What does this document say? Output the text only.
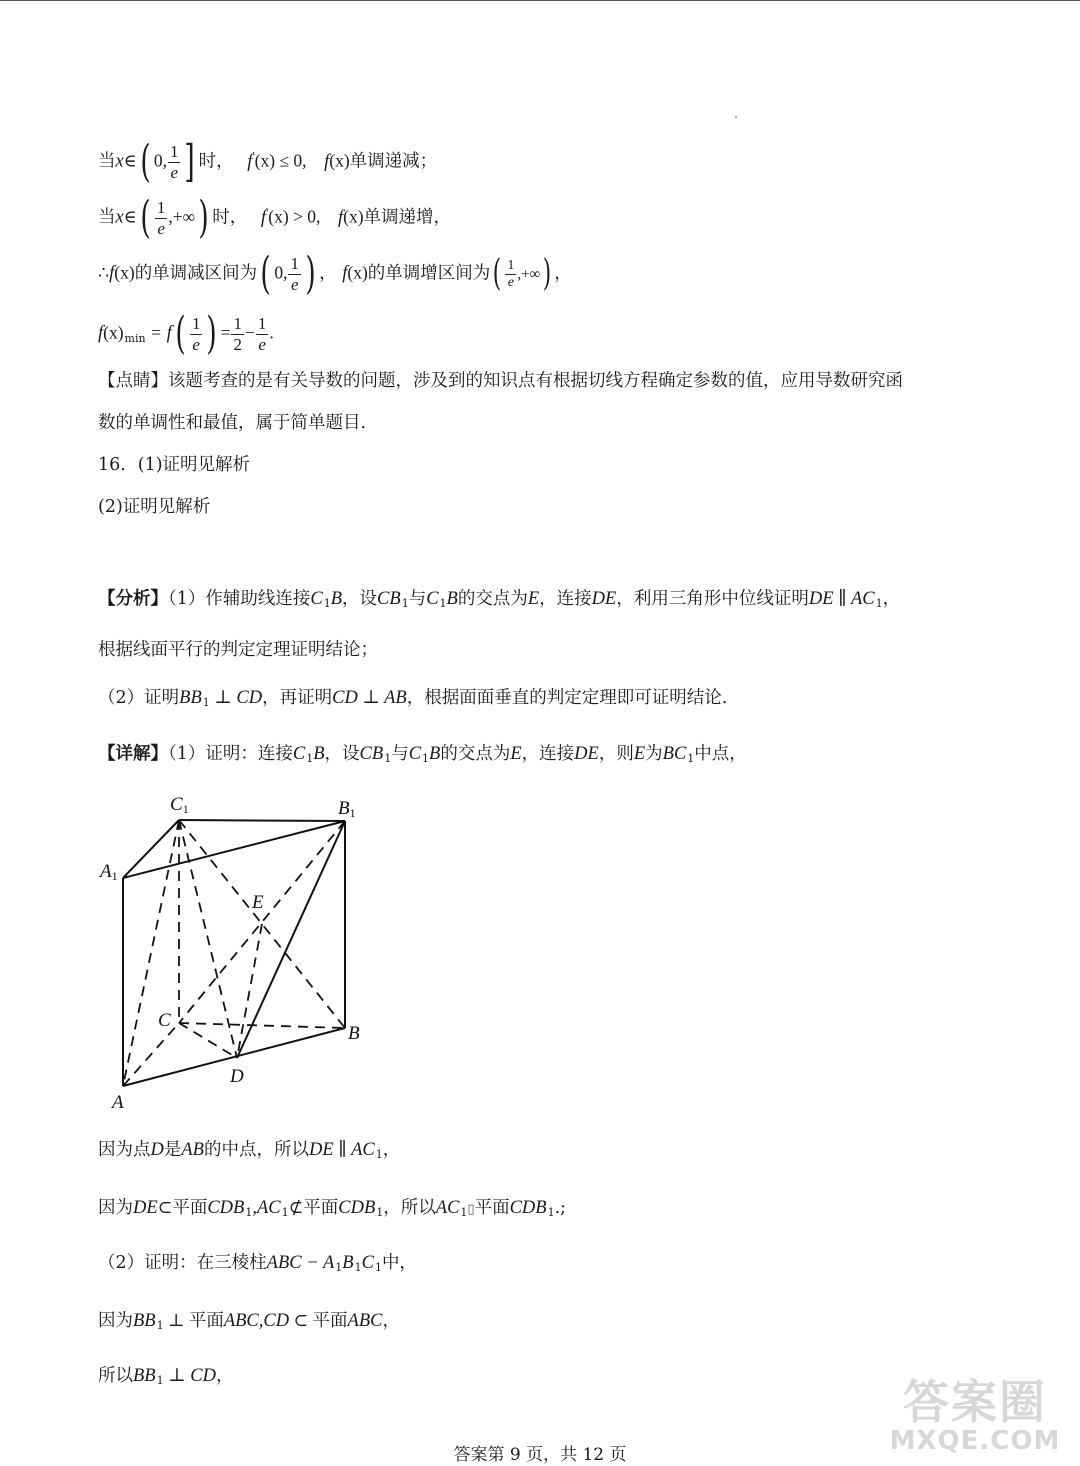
当x∈( 0, $\frac{1}{e}$ ] 时， f′(x) ≤ 0, f(x)单调递减；
当x∈( $\frac{1}{e}$ ,+∞) 时， f′(x) > 0, f(x)单调递增，
∴f(x)的单调减区间为( 0, $\frac{1}{e}$ ) ， f(x)的单调增区间为( $\frac{1}{e}$ ,+∞) ，
$f(x)_{min} = f( \frac{1}{e}$ ) = $\frac{1}{2} - \frac{1}{e}$ .
【点睛】该题考查的是有关导数的问题，涉及到的知识点有根据切线方程确定参数的值，应用导数研究函
数的单调性和最值，属于简单题目.
16．(1)证明见解析
(2)证明见解析
【分析】（1）作辅助线连接$C_1B$，设$CB_1$与$C_1B$的交点为E，连接DE，利用三角形中位线证明DE ∥ $AC_1$，
根据线面平行的判定定理证明结论；
（2）证明$BB_1$ ⊥ CD，再证明CD ⊥ AB，根据面面垂直的判定定理即可证明结论.
【详解】（1）证明：连接$C_1B$，设$CB_1$与$C_1B$的交点为E，连接DE，则E为$BC_1$中点，
C1	B1
A1
E
C
B
D
A
因为点D是AB的中点，所以DE ∥ $AC_1$，
因为DE⊂平面$CDB_1,AC_1⊄$平面$CDB_1$，所以$AC_1▯$平面$CDB_1$.;
（2）证明：在三棱柱ABC − $A_1B_1C_1$中，
因为$BB_1$ ⊥ 平面ABC,CD ⊂ 平面ABC，
所以$BB_1$ ⊥ CD，
答案第 9 页，共 12 页
答案圈
MXQE.COM
